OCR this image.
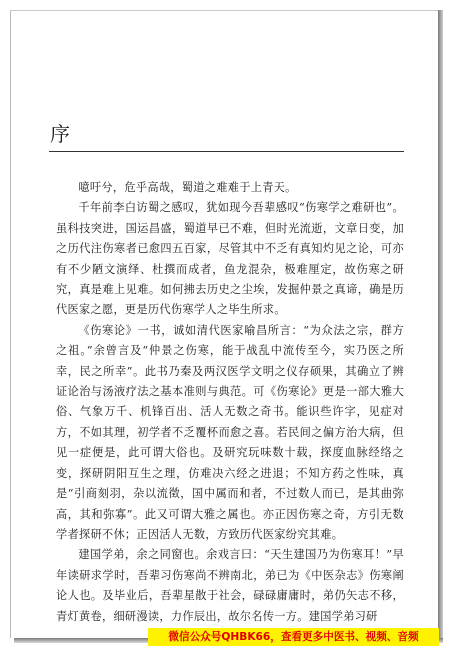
序

噫吁兮，危乎高哉，蜀道之难难于上青天。

千年前李白访蜀之感叹，犹如现今吾辈感叹“伤寒学之难研也”。虽科技突进，国运昌盛，蜀道早已不难，但时光流逝，文章日变，加之历代注伤寒者已愈四五百家，尽管其中不乏有真知灼见之论，可亦有不少陋文演绎、杜撰而成者，鱼龙混杂，极难厘定，故伤寒之研究，真是难上见难。如何拂去历史之尘埃，发掘仲景之真谛，确是历代医家之愿，更是历代伤寒学人之毕生所求。

《伤寒论》一书，诚如清代医家喻昌所言：“为众法之宗，群方之祖。”余曾言及“仲景之伤寒，能于战乱中流传至今，实乃医之所幸，民之所幸”。此书乃秦及两汉医学文明之仪存硕果，其确立了辨证论治与汤液疗法之基本准则与典范。可《伤寒论》更是一部大雅大俗、气象万千、机锋百出、活人无数之奇书。能识些许字，见症对方，不如其理，初学者不乏覆杯而愈之喜。若民间之偏方治大病，但见一症便是，此可谓大俗也。及研究玩味数十载，探度血脉经络之变，探研阴阳互生之理，仿难决六经之进退；不知方药之性味，真是“引商刻羽，杂以流徵，国中属而和者，不过数人而已，是其曲弥高，其和弥寡”。此又可谓大雅之属也。亦正因伤寒之奇，方引无数学者探研不休；正因活人无数，方致历代医家纷究其难。

建国学弟，余之同窗也。余戏言曰：“天生建国乃为伤寒耳！”早年读研求学时，吾辈习伤寒尚不辨南北，弟已为《中医杂志》伤寒阐论人也。及毕业后，吾辈星散于社会，碌碌庸庸时，弟仍矢志不移，青灯黄卷，细研漫读，力作辰出，故尔名传一方。建国学弟习研

微信公众号QHBK66，查看更多中医书、视频、音频
